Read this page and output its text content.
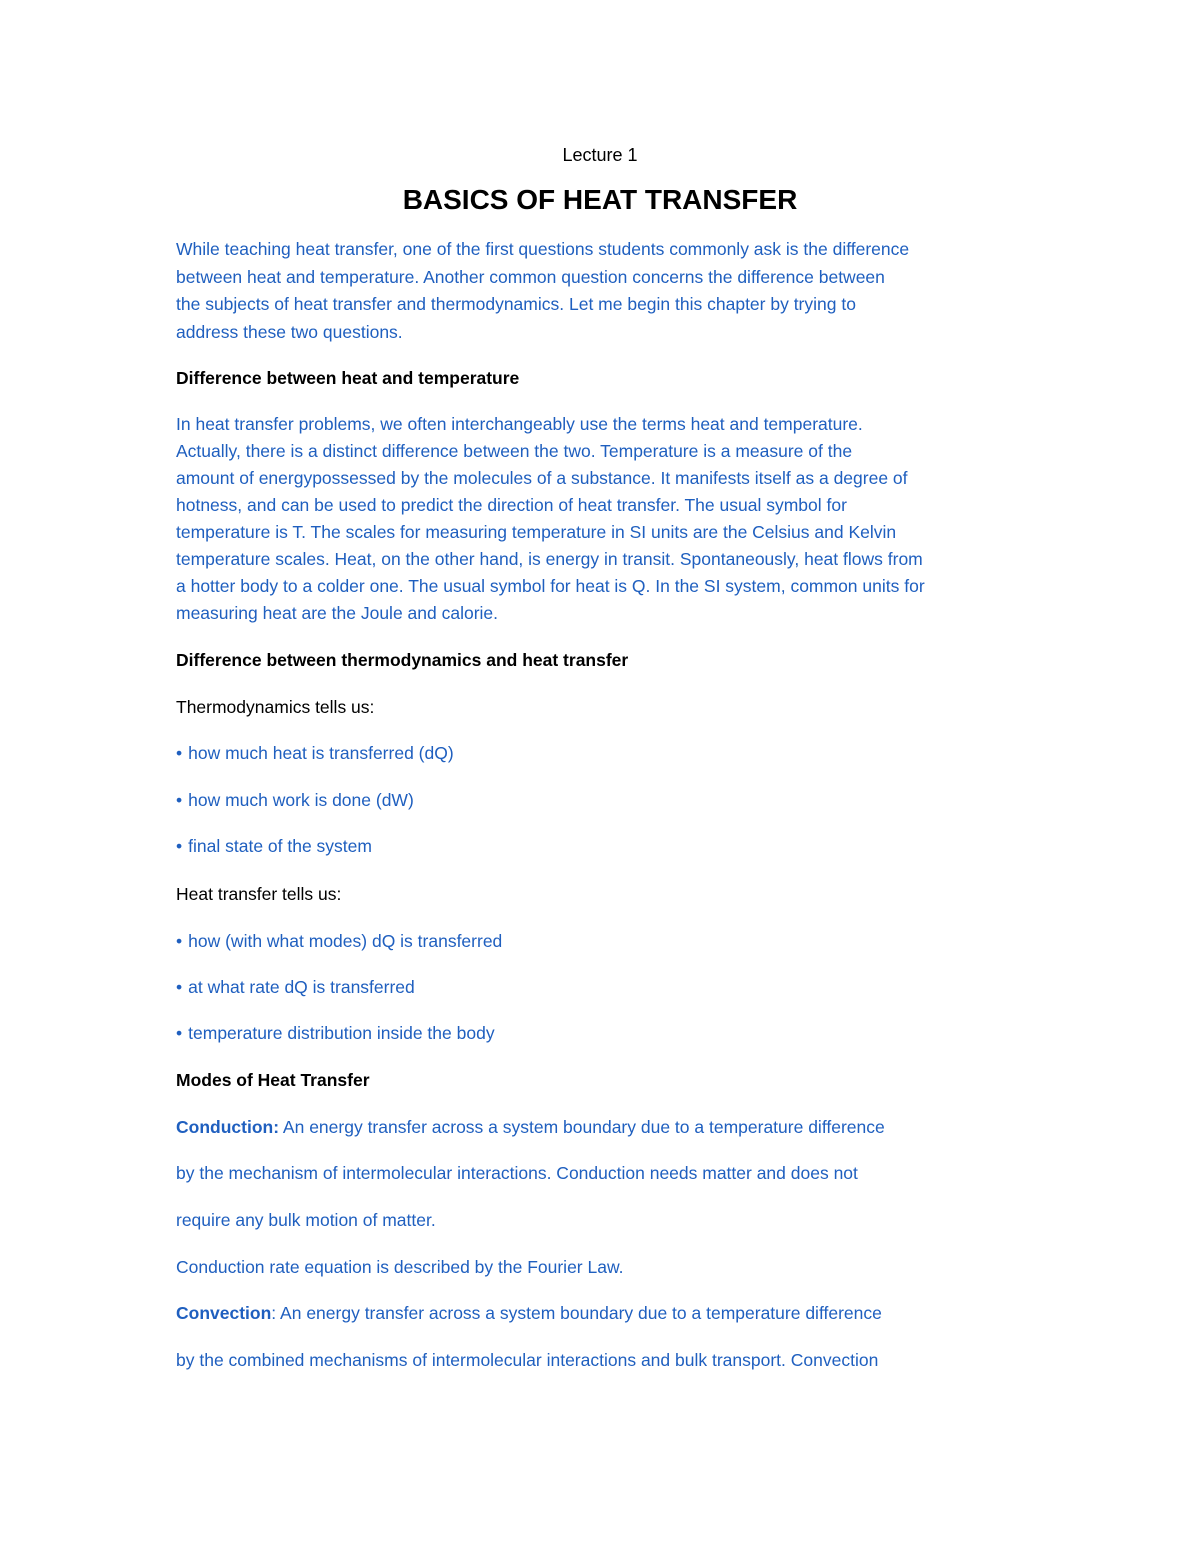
Lecture 1
BASICS OF HEAT TRANSFER
While teaching heat transfer, one of the first questions students commonly ask is the difference
between heat and temperature. Another common question concerns the difference between
the subjects of heat transfer and thermodynamics. Let me begin this chapter by trying to
address these two questions.
Difference between heat and temperature
In heat transfer problems, we often interchangeably use the terms heat and temperature.
Actually, there is a distinct difference between the two. Temperature is a measure of the
amount of energypossessed by the molecules of a substance. It manifests itself as a degree of
hotness, and can be used to predict the direction of heat transfer. The usual symbol for
temperature is T. The scales for measuring temperature in SI units are the Celsius and Kelvin
temperature scales. Heat, on the other hand, is energy in transit. Spontaneously, heat flows from
a hotter body to a colder one. The usual symbol for heat is Q. In the SI system, common units for
measuring heat are the Joule and calorie.
Difference between thermodynamics and heat transfer
Thermodynamics tells us:
• how much heat is transferred (dQ)
• how much work is done (dW)
• final state of the system
Heat transfer tells us:
• how (with what modes) dQ is transferred
• at what rate dQ is transferred
• temperature distribution inside the body
Modes of Heat Transfer
Conduction: An energy transfer across a system boundary due to a temperature difference
by the mechanism of intermolecular interactions. Conduction needs matter and does not
require any bulk motion of matter.
Conduction rate equation is described by the Fourier Law.
Convection: An energy transfer across a system boundary due to a temperature difference
by the combined mechanisms of intermolecular interactions and bulk transport. Convection
